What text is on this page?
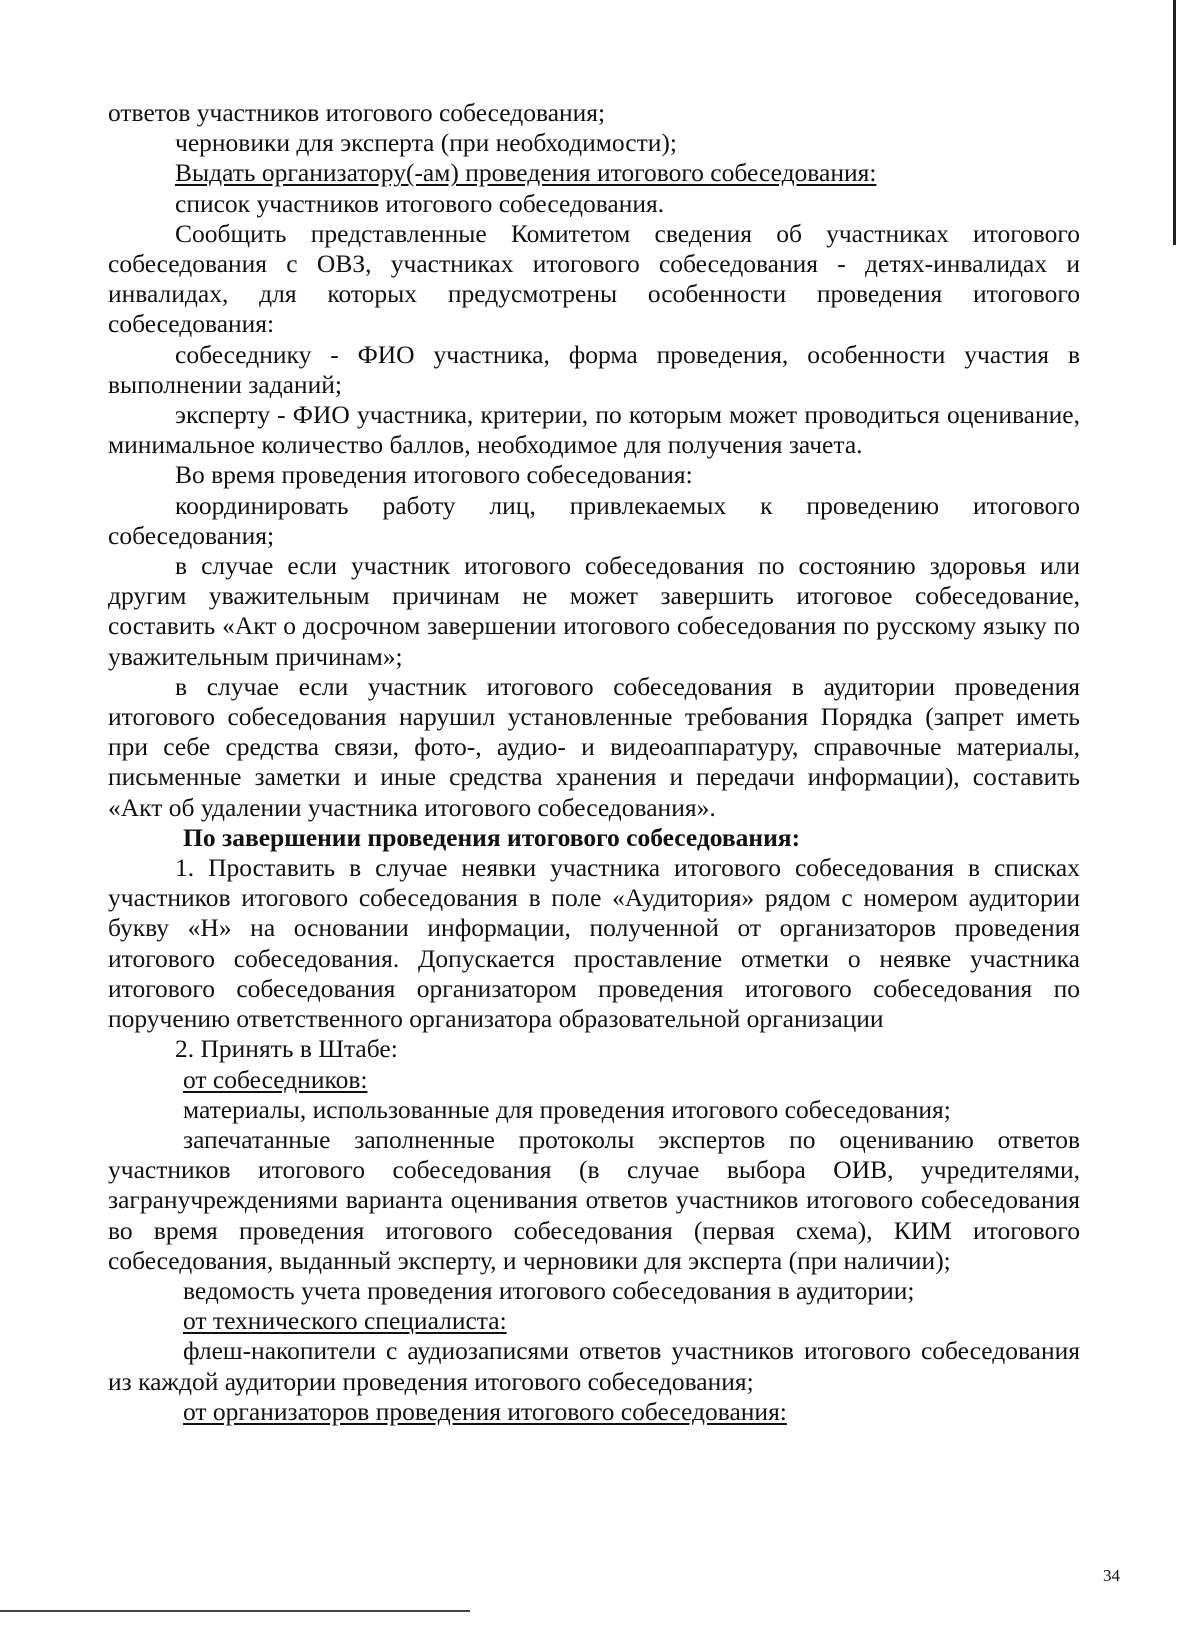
ответов участников итогового собеседования;

черновики для эксперта (при необходимости);

Выдать организатору(-ам) проведения итогового собеседования:

список участников итогового собеседования.

Сообщить представленные Комитетом сведения об участниках итогового собеседования с ОВЗ, участниках итогового собеседования - детях-инвалидах и инвалидах, для которых предусмотрены особенности проведения итогового собеседования:

собеседнику - ФИО участника, форма проведения, особенности участия в выполнении заданий;

эксперту - ФИО участника, критерии, по которым может проводиться оценивание, минимальное количество баллов, необходимое для получения зачета.

Во время проведения итогового собеседования:

координировать работу лиц, привлекаемых к проведению итогового собеседования;

в случае если участник итогового собеседования по состоянию здоровья или другим уважительным причинам не может завершить итоговое собеседование, составить «Акт о досрочном завершении итогового собеседования по русскому языку по уважительным причинам»;

в случае если участник итогового собеседования в аудитории проведения итогового собеседования нарушил установленные требования Порядка (запрет иметь при себе средства связи, фото-, аудио- и видеоаппаратуру, справочные материалы, письменные заметки и иные средства хранения и передачи информации), составить «Акт об удалении участника итогового собеседования».

По завершении проведения итогового собеседования:

1. Проставить в случае неявки участника итогового собеседования в списках участников итогового собеседования в поле «Аудитория» рядом с номером аудитории букву «Н» на основании информации, полученной от организаторов проведения итогового собеседования. Допускается проставление отметки о неявке участника итогового собеседования организатором проведения итогового собеседования по поручению ответственного организатора образовательной организации

2. Принять в Штабе:

от собеседников:

материалы, использованные для проведения итогового собеседования;

запечатанные заполненные протоколы экспертов по оцениванию ответов участников итогового собеседования (в случае выбора ОИВ, учредителями, загранучреждениями варианта оценивания ответов участников итогового собеседования во время проведения итогового собеседования (первая схема), КИМ итогового собеседования, выданный эксперту, и черновики для эксперта (при наличии);

ведомость учета проведения итогового собеседования в аудитории;

от технического специалиста:

флеш-накопители с аудиозаписями ответов участников итогового собеседования из каждой аудитории проведения итогового собеседования;

от организаторов проведения итогового собеседования:

34
